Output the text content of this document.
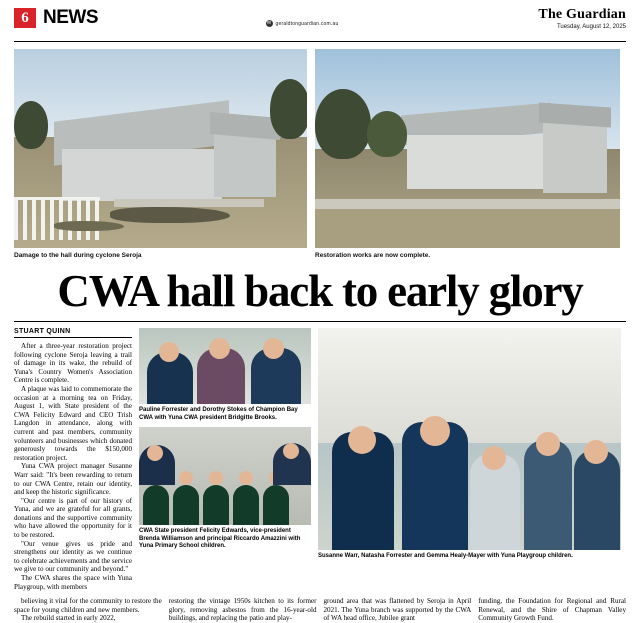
6 NEWS	✉ geraldtonguardian.com.au
The Guardian
Tuesday, August 12, 2025
Damage to the hall during cyclone Seroja	Restoration works are now complete.
CWA hall back to early glory
STUART QUINN

After a three-year restoration project following cyclone Seroja leaving a trail of damage in its wake, the rebuild of Yuna's Country Women's Association Centre is complete.

A plaque was laid to commemorate the occasion at a morning tea on Friday, August 1, with State president of the CWA Felicity Edward and CEO Trish Langdon in attendance, along with current and past members, community volunteers and businesses which donated generously towards the $150,000 restoration project.

Yuna CWA project manager Susanne Warr said: "It's been rewarding to return to our CWA Centre, retain our identity, and keep the historic significance.

"Our centre is part of our history of Yuna, and we are grateful for all grants, donations and the supportive community who have allowed the opportunity for it to be restored.

"Our venue gives us pride and strengthens our identity as we continue to celebrate achievements and the service we give to our community and beyond."

The CWA shares the space with Yuna Playgroup, with members

Pauline Forrester and Dorothy Stokes of Champion Bay CWA with Yuna CWA president Bridgitte Brooks.
CWA State president Felicity Edwards, vice-president Brenda Williamson and principal Riccardo Amazzini with Yuna Primary School children.
Susanne Warr, Natasha Forrester and Gemma Healy-Mayer with Yuna Playgroup children.

believing it vital for the community to restore the space for young children and new members.

The rebuild started in early 2022,

restoring the vintage 1950s kitchen to its former glory, removing asbestos from the 16-year-old buildings, and replacing the patio and play-

ground area that was flattened by Seroja in April 2021. The Yuna branch was supported by the CWA of WA head office, Jubilee grant

funding, the Foundation for Regional and Rural Renewal, and the Shire of Chapman Valley Community Growth Fund.
